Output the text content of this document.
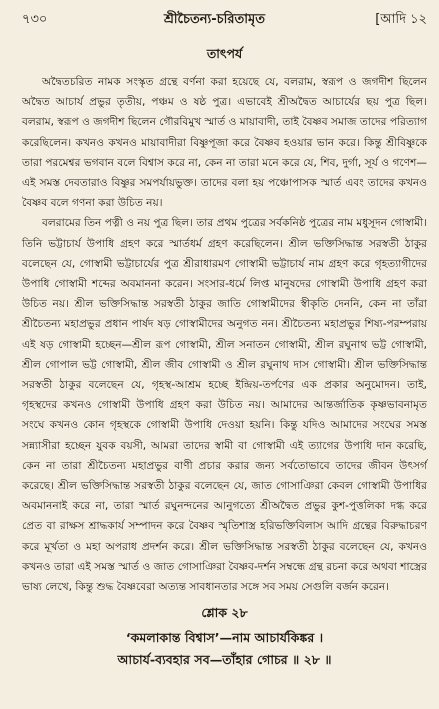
৭৩০	শ্রীচৈতন্য-চরিতামৃত	[আদি ১২
তাৎপর্য

অদ্বৈতচরিত নামক সংস্কৃত গ্রন্থে বর্ণনা করা হয়েছে যে, বলরাম, স্বরূপ ও জগদীশ ছিলেন অদ্বৈত আচার্য প্রভুর তৃতীয়, পঞ্চম ও ষষ্ঠ পুত্র। এভাবেই শ্রীঅদ্বৈত আচার্যের ছয় পুত্র ছিল। বলরাম, স্বরূপ ও জগদীশ ছিলেন গৌরবিমুখ স্মার্ত ও মায়াবাদী, তাই বৈষ্ণব সমাজ তাদের পরিত্যাগ করেছিলেন। কখনও কখনও মায়াবাদীরা বিষ্ণুপূজা করে বৈষ্ণব হওয়ার ভান করে। কিন্তু শ্রীবিষ্ণুকে তারা পরমেশ্বর ভগবান বলে বিশ্বাস করে না, কেন না তারা মনে করে যে, শিব, দুর্গা, সূর্য ও গণেশ—এই সমস্ত দেবতারাও বিষ্ণুর সমপর্যায়ভুক্ত। তাদের বলা হয় পঞ্চোপাসক স্মার্ত এবং তাদের কখনও বৈষ্ণব বলে গণনা করা উচিত নয়।

বলরামের তিন পত্নী ও নয় পুত্র ছিল। তার প্রথম পুত্রের সর্বকনিষ্ঠ পুত্রের নাম মধুসূদন গোস্বামী। তিনি ভট্টাচার্য উপাধি গ্রহণ করে স্মার্তধর্ম গ্রহণ করেছিলেন। শ্রীল ভক্তিসিদ্ধান্ত সরস্বতী ঠাকুর বলেছেন যে, গোস্বামী ভট্টাচার্যের পুত্র শ্রীরাধারমণ গোস্বামী ভট্টাচার্য নাম গ্রহণ করে গৃহত্যাগীদের উপাধি গোস্বামী শব্দের অবমাননা করেন। সংসার-ধর্মে লিপ্ত মানুষদের গোস্বামী উপাধি গ্রহণ করা উচিত নয়। শ্রীল ভক্তিসিদ্ধান্ত সরস্বতী ঠাকুর জাতি গোস্বামীদের স্বীকৃতি দেননি, কেন না তাঁরা শ্রীচৈতন্য মহাপ্রভুর প্রধান পার্ষদ ষড় গোস্বামীদের অনুগত নন। শ্রীচৈতন্য মহাপ্রভুর শিষ্য-পরম্পরায় এই ষড় গোস্বামী হচ্ছেন—শ্রীল রূপ গোস্বামী, শ্রীল সনাতন গোস্বামী, শ্রীল রঘুনাথ ভট্ট গোস্বামী, শ্রীল গোপাল ভট্ট গোস্বামী, শ্রীল জীব গোস্বামী ও শ্রীল রঘুনাথ দাস গোস্বামী। শ্রীল ভক্তিসিদ্ধান্ত সরস্বতী ঠাকুর বলেছেন যে, গৃহস্থ-আশ্রম হচ্ছে ইন্দ্রিয়-তর্পণের এক প্রকার অনুমোদন। তাই, গৃহস্থদের কখনও গোস্বামী উপাধি গ্রহণ করা উচিত নয়। আমাদের আন্তর্জাতিক কৃষ্ণভাবনামৃত সংঘে কখনও কোন গৃহস্থকে গোস্বামী উপাধি দেওয়া হয়নি। কিন্তু যদিও আমাদের সংঘের সমস্ত সন্ন্যাসীরা হচ্ছেন যুবক বয়সী, আমরা তাদের স্বামী বা গোস্বামী এই ত্যাগের উপাধি দান করেছি, কেন না তারা শ্রীচৈতন্য মহাপ্রভুর বাণী প্রচার করার জন্য সর্বতোভাবে তাদের জীবন উৎসর্গ করেছে। শ্রীল ভক্তিসিদ্ধান্ত সরস্বতী ঠাকুর বলেছেন যে, জাত গোসাঞিরা কেবল গোস্বামী উপাধির অবমাননাই করে না, তারা স্মার্ত রঘুনন্দনের আনুগত্যে শ্রীঅদ্বৈত প্রভুর কুশ-পুত্তলিকা দগ্ধ করে প্রেত বা রাক্ষস শ্রাদ্ধকার্য সম্পাদন করে বৈষ্ণব স্মৃতিশাস্ত্র হরিভক্তিবিলাস আদি গ্রন্থের বিরুদ্ধাচরণ করে মূর্খতা ও মহা অপরাধ প্রদর্শন করে। শ্রীল ভক্তিসিদ্ধান্ত সরস্বতী ঠাকুর বলেছেন যে, কখনও কখনও তারা এই সমস্ত স্মার্ত ও জাত গোসাঞিরা বৈষ্ণব-দর্শন সম্বন্ধে গ্রন্থ রচনা করে অথবা শাস্ত্রের ভাষ্য লেখে, কিন্তু শুদ্ধ বৈষ্ণবেরা অত্যন্ত সাবধানতার সঙ্গে সব সময় সেগুলি বর্জন করেন।

শ্লোক ২৮

‘কমলাকান্ত বিশ্বাস’—নাম আচার্যকিঙ্কর ।

আচার্য-ব্যবহার সব—তাঁহার গোচর ॥ ২৮ ॥
